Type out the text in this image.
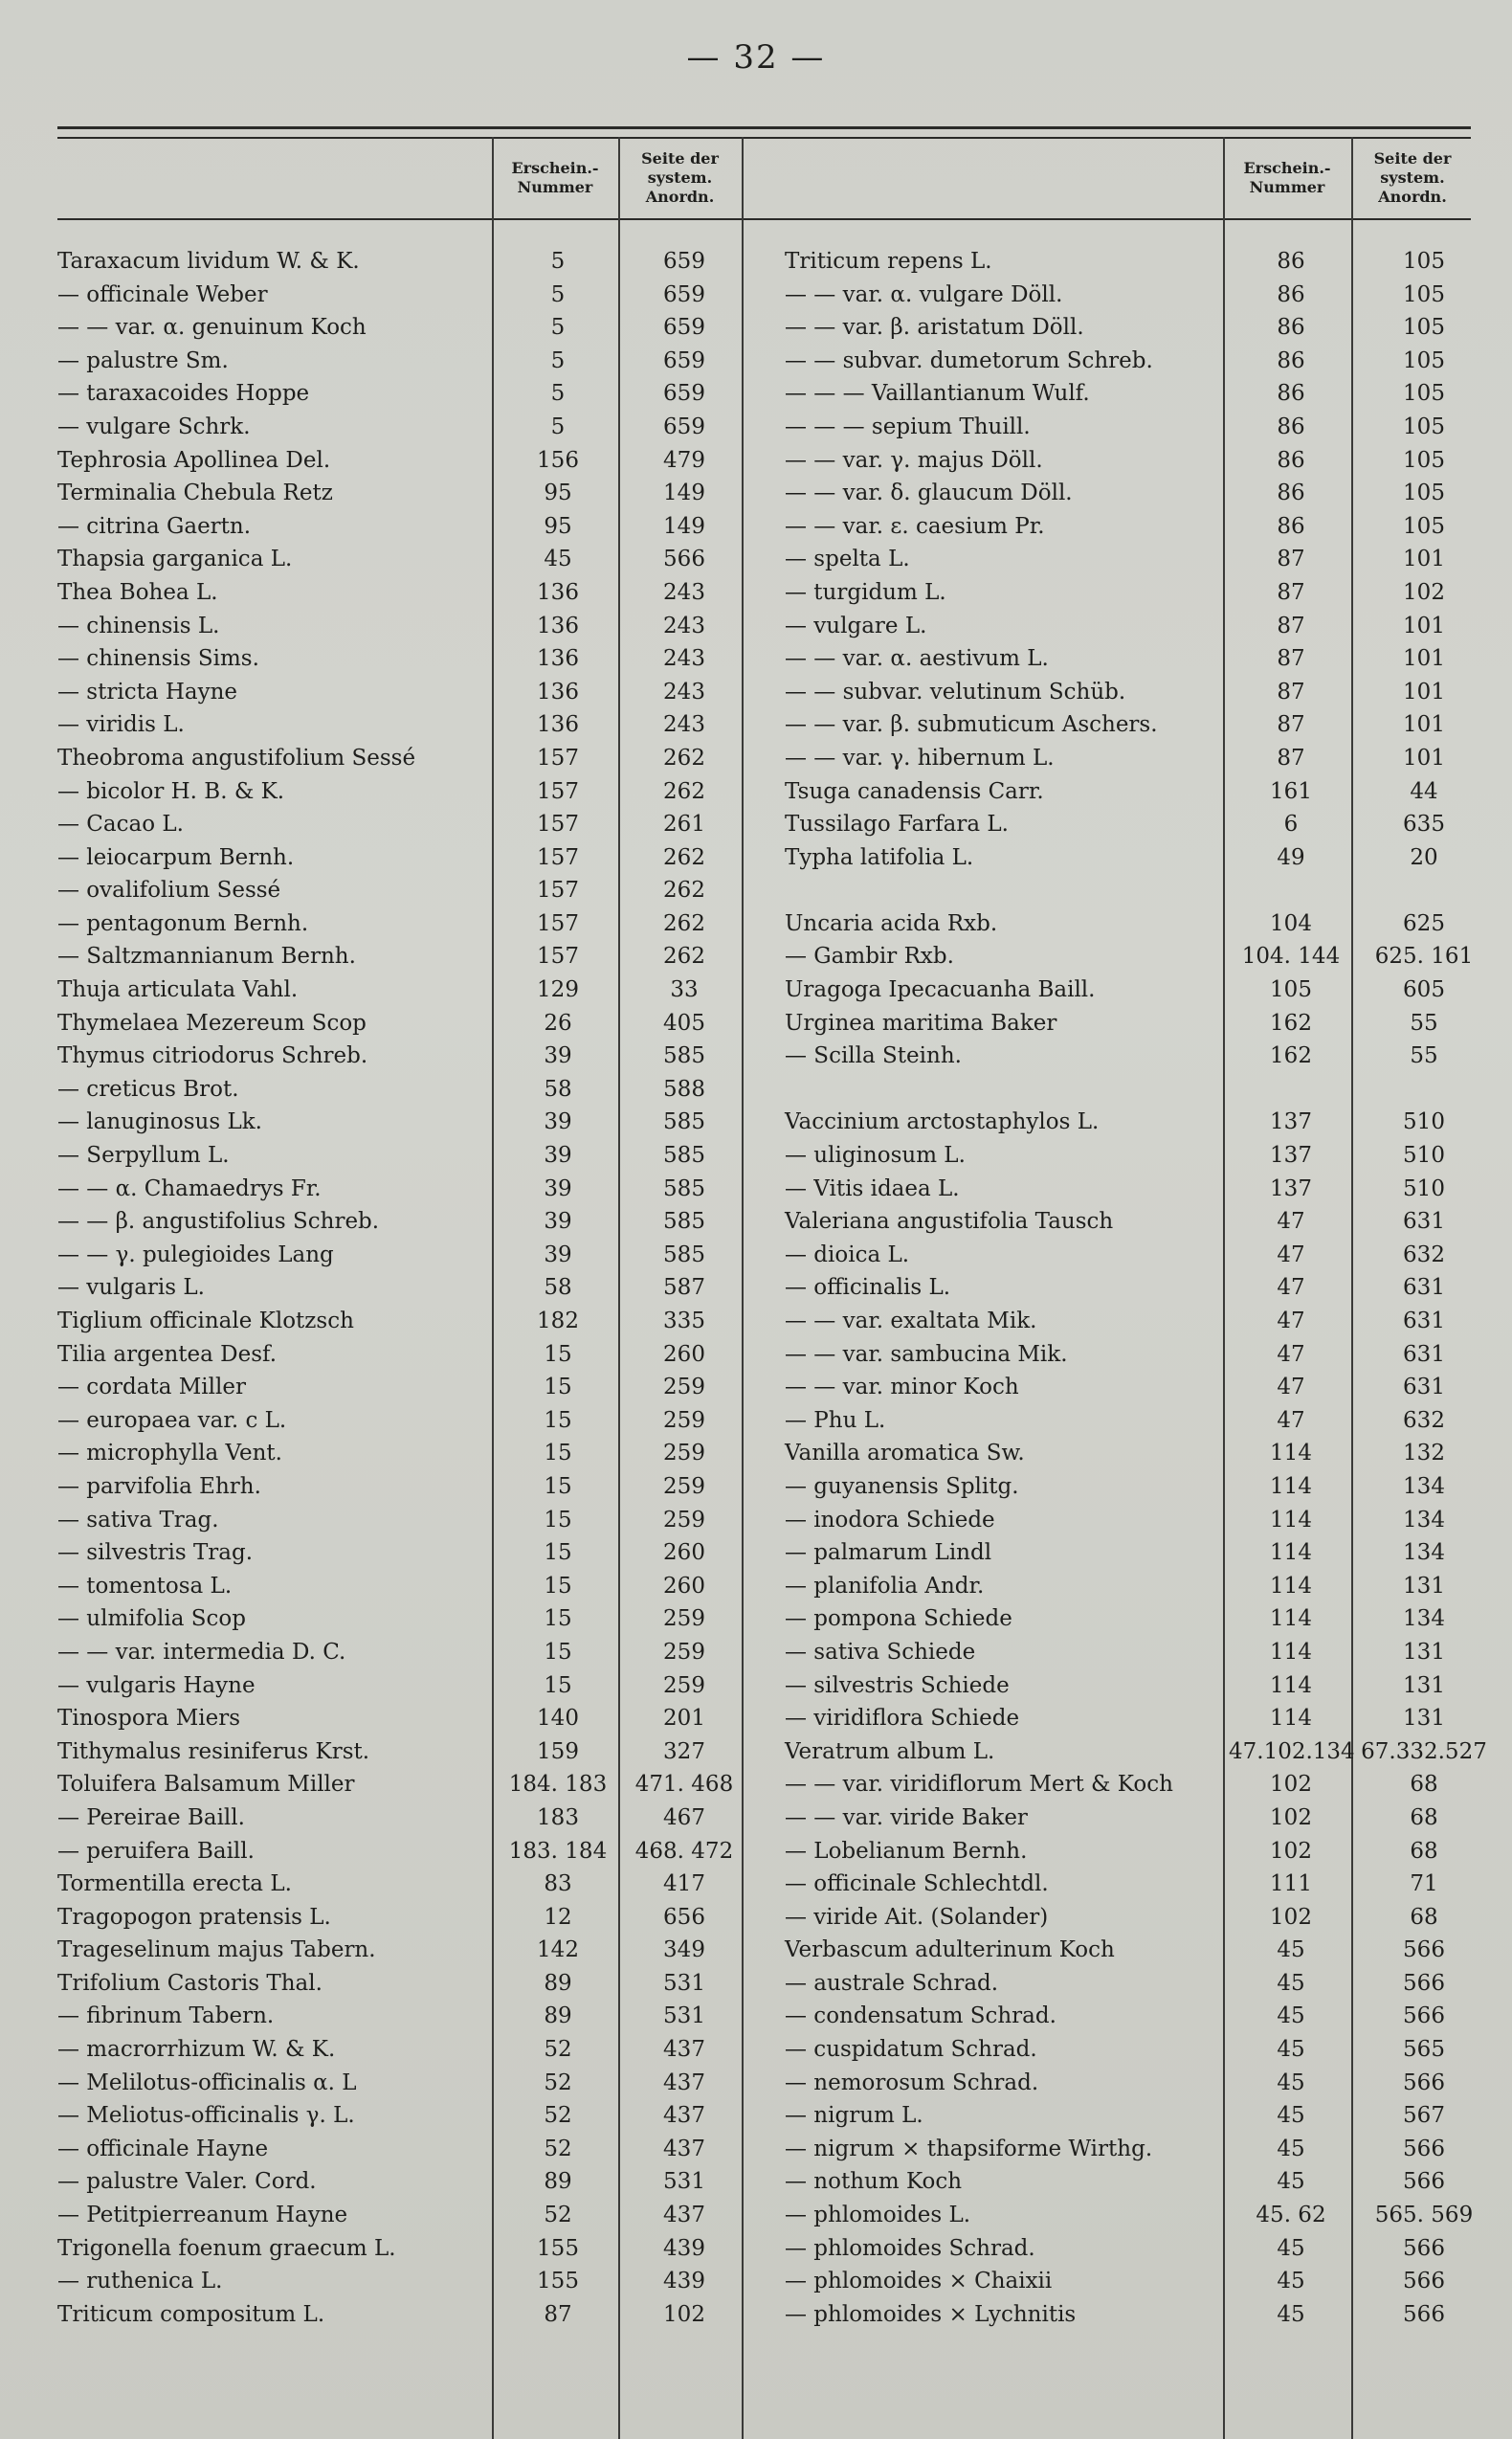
— 32 —
Erschein.-
Nummer
Seite der
system.
Anordn.
Erschein.-
Nummer
Seite der
system.
Anordn.
Taraxacum lividum W. & K.	5	659
— officinale Weber	5	659
— — var. α. genuinum Koch	5	659
— palustre Sm.	5	659
— taraxacoides Hoppe	5	659
— vulgare Schrk.	5	659
Tephrosia Apollinea Del.	156	479
Terminalia Chebula Retz	95	149
— citrina Gaertn.	95	149
Thapsia garganica L.	45	566
Thea Bohea L.	136	243
— chinensis L.	136	243
— chinensis Sims.	136	243
— stricta Hayne	136	243
— viridis L.	136	243
Theobroma angustifolium Sessé	157	262
— bicolor H. B. & K.	157	262
— Cacao L.	157	261
— leiocarpum Bernh.	157	262
— ovalifolium Sessé	157	262
— pentagonum Bernh.	157	262
— Saltzmannianum Bernh.	157	262
Thuja articulata Vahl.	129	33
Thymelaea Mezereum Scop	26	405
Thymus citriodorus Schreb.	39	585
— creticus Brot.	58	588
— lanuginosus Lk.	39	585
— Serpyllum L.	39	585
— — α. Chamaedrys Fr.	39	585
— — β. angustifolius Schreb.	39	585
— — γ. pulegioides Lang	39	585
— vulgaris L.	58	587
Tiglium officinale Klotzsch	182	335
Tilia argentea Desf.	15	260
— cordata Miller	15	259
— europaea var. c L.	15	259
— microphylla Vent.	15	259
— parvifolia Ehrh.	15	259
— sativa Trag.	15	259
— silvestris Trag.	15	260
— tomentosa L.	15	260
— ulmifolia Scop	15	259
— — var. intermedia D. C.	15	259
— vulgaris Hayne	15	259
Tinospora Miers	140	201
Tithymalus resiniferus Krst.	159	327
Toluifera Balsamum Miller	184. 183	471. 468
— Pereirae Baill.	183	467
— peruifera Baill.	183. 184	468. 472
Tormentilla erecta L.	83	417
Tragopogon pratensis L.	12	656
Trageselinum majus Tabern.	142	349
Trifolium Castoris Thal.	89	531
— fibrinum Tabern.	89	531
— macrorrhizum W. & K.	52	437
— Melilotus-officinalis α. L	52	437
— Meliotus-officinalis γ. L.	52	437
— officinale Hayne	52	437
— palustre Valer. Cord.	89	531
— Petitpierreanum Hayne	52	437
Trigonella foenum graecum L.	155	439
— ruthenica L.	155	439
Triticum compositum L.	87	102
Triticum repens L.	86	105
— — var. α. vulgare Döll.	86	105
— — var. β. aristatum Döll.	86	105
— — subvar. dumetorum Schreb.	86	105
— — — Vaillantianum Wulf.	86	105
— — — sepium Thuill.	86	105
— — var. γ. majus Döll.	86	105
— — var. δ. glaucum Döll.	86	105
— — var. ε. caesium Pr.	86	105
— spelta L.	87	101
— turgidum L.	87	102
— vulgare L.	87	101
— — var. α. aestivum L.	87	101
— — subvar. velutinum Schüb.	87	101
— — var. β. submuticum Aschers.	87	101
— — var. γ. hibernum L.	87	101
Tsuga canadensis Carr.	161	44
Tussilago Farfara L.	6	635
Typha latifolia L.	49	20
Uncaria acida Rxb.	104	625
— Gambir Rxb.	104. 144	625. 161
Uragoga Ipecacuanha Baill.	105	605
Urginea maritima Baker	162	55
— Scilla Steinh.	162	55
Vaccinium arctostaphylos L.	137	510
— uliginosum L.	137	510
— Vitis idaea L.	137	510
Valeriana angustifolia Tausch	47	631
— dioica L.	47	632
— officinalis L.	47	631
— — var. exaltata Mik.	47	631
— — var. sambucina Mik.	47	631
— — var. minor Koch	47	631
— Phu L.	47	632
Vanilla aromatica Sw.	114	132
— guyanensis Splitg.	114	134
— inodora Schiede	114	134
— palmarum Lindl	114	134
— planifolia Andr.	114	131
— pompona Schiede	114	134
— sativa Schiede	114	131
— silvestris Schiede	114	131
— viridiflora Schiede	114	131
Veratrum album L.	47.102.134 67.332.527
— — var. viridiflorum Mert & Koch	102	68
— — var. viride Baker	102	68
— Lobelianum Bernh.	102	68
— officinale Schlechtdl.	111	71
— viride Ait. (Solander)	102	68
Verbascum adulterinum Koch	45	566
— australe Schrad.	45	566
— condensatum Schrad.	45	566
— cuspidatum Schrad.	45	565
— nemorosum Schrad.	45	566
— nigrum L.	45	567
— nigrum ⨯ thapsiforme Wirthg.	45	566
— nothum Koch	45	566
— phlomoides L.	45. 62	565. 569
— phlomoides Schrad.	45	566
— phlomoides ⨯ Chaixii	45	566
— phlomoides ⨯ Lychnitis	45	566
